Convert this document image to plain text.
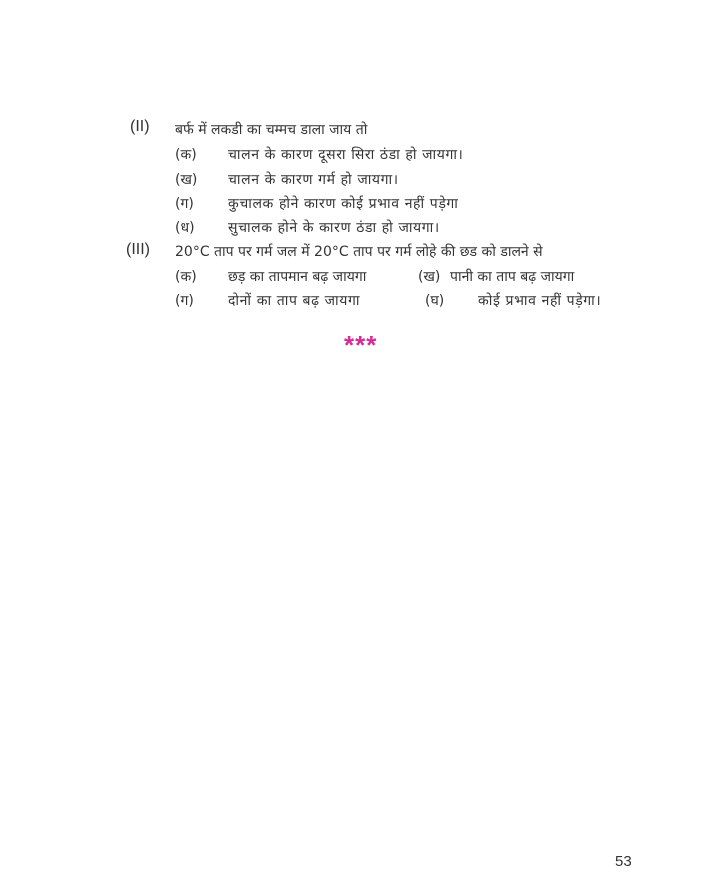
(II) बर्फ में लकडी का चम्मच डाला जाय तो
(क) चालन के कारण दूसरा सिरा ठंडा हो जायगा।
(ख) चालन के कारण गर्म हो जायगा।
(ग) कुचालक होने कारण कोई प्रभाव नहीं पड़ेगा
(ध) सुचालक होने के कारण ठंडा हो जायगा।
(III) 20°C ताप पर गर्म जल में 20°C ताप पर गर्म लोहे की छड को डालने से
(क) छड़ का तापमान बढ़ जायगा	(ख) पानी का ताप बढ़ जायगा
(ग) दोनों का ताप बढ़ जायगा	(घ) कोई प्रभाव नहीं पड़ेगा।
***
53
